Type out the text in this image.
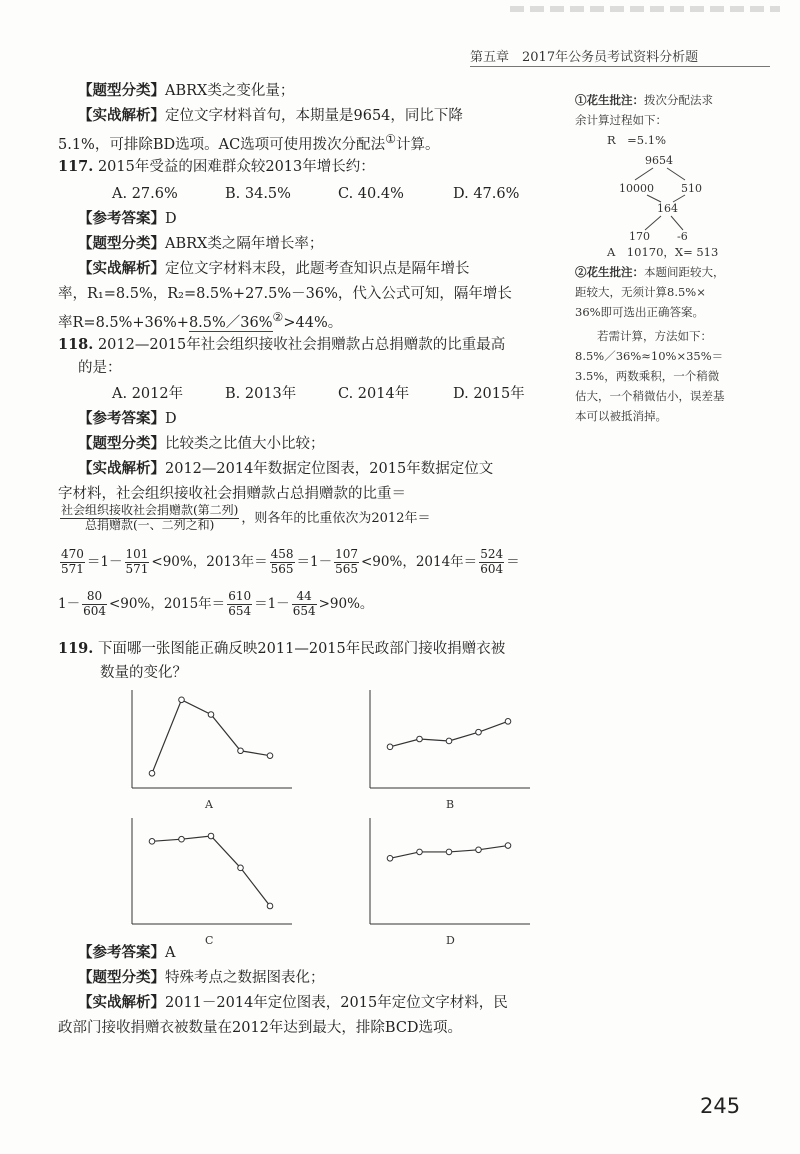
第五章　2017年公务员考试资料分析题
【题型分类】ABRX类之变化量；
【实战解析】定位文字材料首句，本期量是9654，同比下降
5.1%，可排除BD选项。AC选项可使用拨次分配法①计算。
117. 2015年受益的困难群众较2013年增长约：
A. 27.6%	B. 34.5%	C. 40.4%	D. 47.6%
【参考答案】D
【题型分类】ABRX类之隔年增长率；
【实战解析】定位文字材料末段，此题考查知识点是隔年增长
率，R₁=8.5%，R₂=8.5%+27.5%－36%，代入公式可知，隔年增长
率R=8.5%+36%+8.5%／36%②>44%。
118. 2012—2015年社会组织接收社会捐赠款占总捐赠款的比重最高
的是：
A. 2012年	B. 2013年	C. 2014年	D. 2015年
【参考答案】D
【题型分类】比较类之比值大小比较；
【实战解析】2012—2014年数据定位图表，2015年数据定位文
字材料，社会组织接收社会捐赠款占总捐赠款的比重＝
$\frac{\text{社会组织接收社会捐赠款(第二列)}}{\text{总捐赠款(一、二列之和)}}$ ，则各年的比重依次为2012年＝
$\frac{470}{571} =1- \frac{101}{571} <90\%$，2013年＝ $\frac{458}{565} =1- \frac{107}{565} <90\%$，2014年＝ $\frac{524}{604}$ ＝
$1- \frac{80}{604} <90\%$，2015年＝ $\frac{610}{654} =1- \frac{44}{654} >90\%$。
119. 下面哪一张图能正确反映2011—2015年民政部门接收捐赠衣被
数量的变化？
【参考答案】A
【题型分类】特殊考点之数据图表化；
【实战解析】2011－2014年定位图表，2015年定位文字材料，民
政部门接收捐赠衣被数量在2012年达到最大，排除BCD选项。
A	B
C	D
①花生批注：拨次分配法求
余计算过程如下：
R　=5.1%
9654
10000 510
164
170 -6
A　10170，X= 513
②花生批注：本题间距较大，
距较大，无须计算8.5%×
36%即可选出正确答案。
若需计算，方法如下：
8.5%／36%≈10%×35%＝
3.5%，两数乘积，一个稍微
估大，一个稍微估小，误差基
本可以被抵消掉。
245
